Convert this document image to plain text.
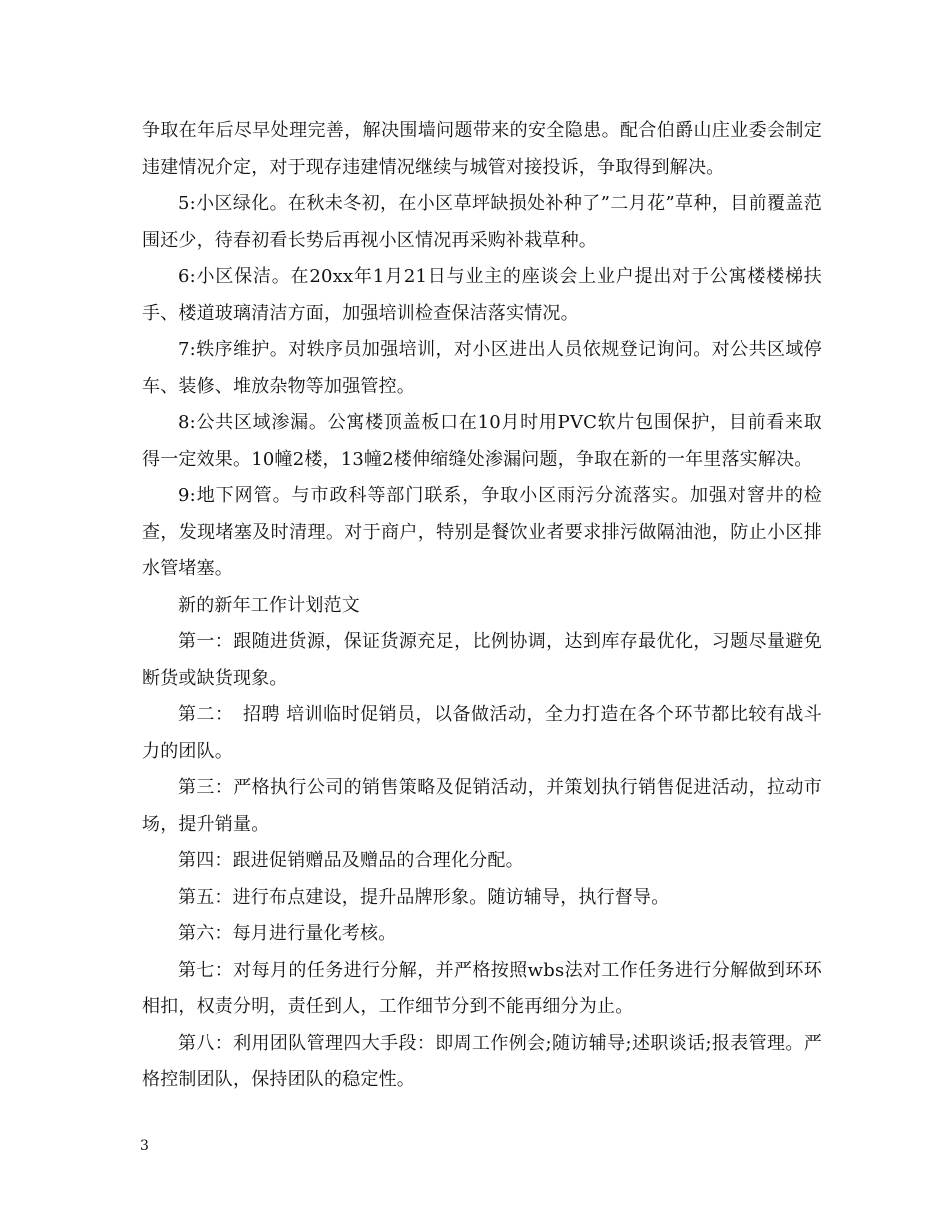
争取在年后尽早处理完善，解决围墙问题带来的安全隐患。配合伯爵山庄业委会制定违建情况介定，对于现存违建情况继续与城管对接投诉，争取得到解决。

5:小区绿化。在秋未冬初，在小区草坪缺损处补种了”二月花”草种，目前覆盖范围还少，待春初看长势后再视小区情况再采购补栽草种。

6:小区保洁。在20xx年1月21日与业主的座谈会上业户提出对于公寓楼楼梯扶手、楼道玻璃清洁方面，加强培训检查保洁落实情况。

7:轶序维护。对轶序员加强培训，对小区进出人员依规登记询问。对公共区域停车、装修、堆放杂物等加强管控。

8:公共区域渗漏。公寓楼顶盖板口在10月时用PVC软片包围保护，目前看来取得一定效果。10幢2楼，13幢2楼伸缩缝处渗漏问题，争取在新的一年里落实解决。

9:地下网管。与市政科等部门联系，争取小区雨污分流落实。加强对窨井的检查，发现堵塞及时清理。对于商户，特别是餐饮业者要求排污做隔油池，防止小区排水管堵塞。

新的新年工作计划范文

第一：跟随进货源，保证货源充足，比例协调，达到库存最优化，习题尽量避免断货或缺货现象。

第二：　招聘 培训临时促销员，以备做活动，全力打造在各个环节都比较有战斗力的团队。

第三：严格执行公司的销售策略及促销活动，并策划执行销售促进活动，拉动市场，提升销量。

第四：跟进促销赠品及赠品的合理化分配。

第五：进行布点建设，提升品牌形象。随访辅导，执行督导。

第六：每月进行量化考核。

第七：对每月的任务进行分解，并严格按照wbs法对工作任务进行分解做到环环相扣，权责分明，责任到人，工作细节分到不能再细分为止。

第八：利用团队管理四大手段：即周工作例会;随访辅导;述职谈话;报表管理。严格控制团队，保持团队的稳定性。

3
